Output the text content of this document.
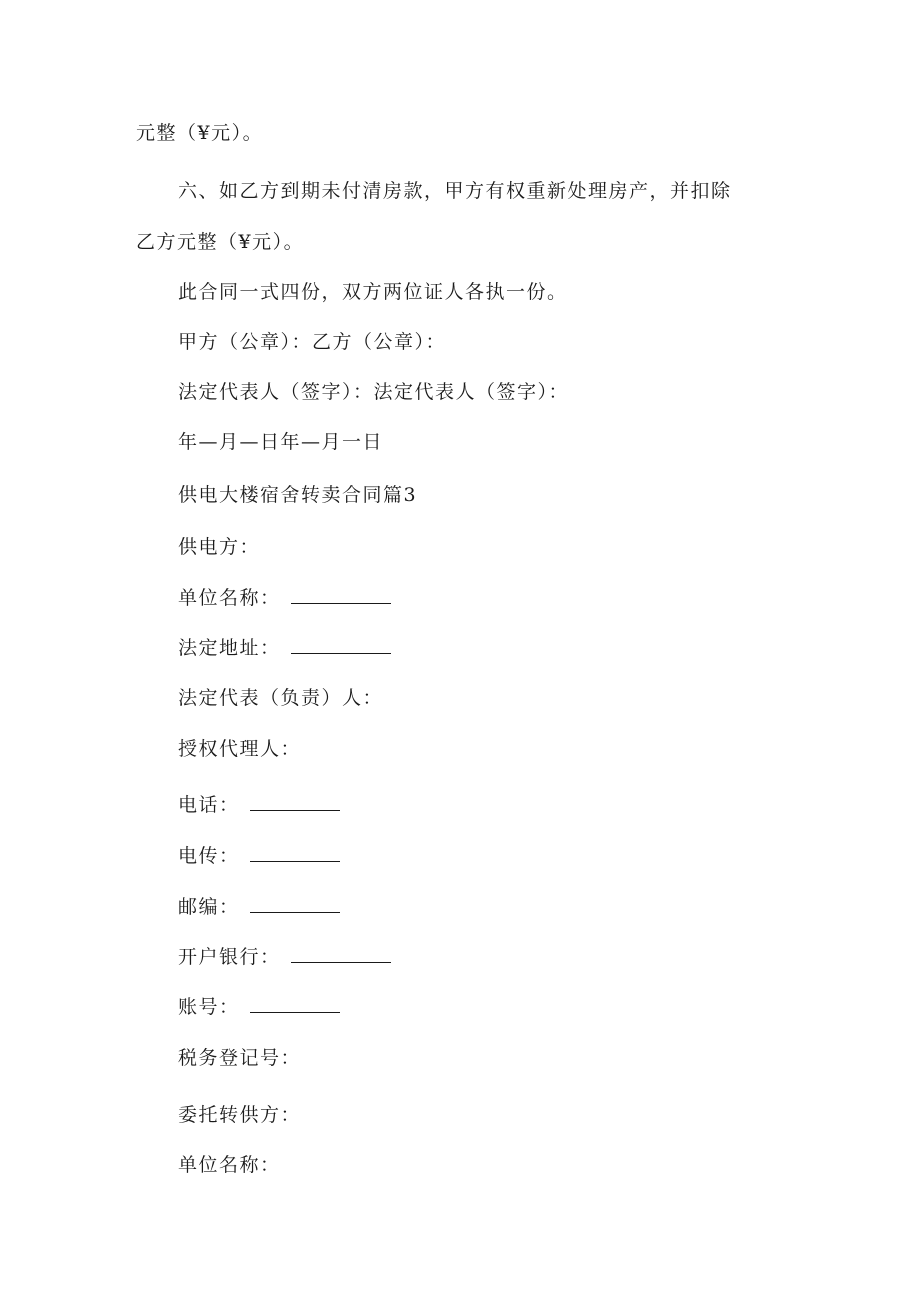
元整（¥元）。
六、如乙方到期未付清房款，甲方有权重新处理房产，并扣除
乙方元整（¥元）。
此合同一式四份，双方两位证人各执一份。
甲方（公章）：乙方（公章）：
法定代表人（签字）：法定代表人（签字）：
年—月—日年—月一日
供电大楼宿舍转卖合同篇3
供电方：
单位名称：
法定地址：
法定代表（负责）人：
授权代理人：
电话：
电传：
邮编：
开户银行：
账号：
税务登记号：
委托转供方：
单位名称：
